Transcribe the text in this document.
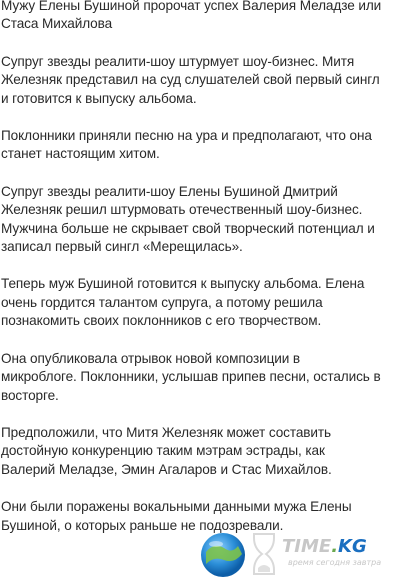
Мужу Елены Бушиной пророчат успех Валерия Меладзе или
Стаса Михайлова

Супруг звезды реалити-шоу штурмует шоу-бизнес. Митя
Железняк представил на суд слушателей свой первый сингл
и готовится к выпуску альбома.

Поклонники приняли песню на ура и предполагают, что она
станет настоящим хитом.

Супруг звезды реалити-шоу Елены Бушиной Дмитрий
Железняк решил штурмовать отечественный шоу-бизнес.
Мужчина больше не скрывает свой творческий потенциал и
записал первый сингл «Мерещилась».

Теперь муж Бушиной готовится к выпуску альбома. Елена
очень гордится талантом супруга, а потому решила
познакомить своих поклонников с его творчеством.

Она опубликовала отрывок новой композиции в
микроблоге. Поклонники, услышав припев песни, остались в
восторге.

Предположили, что Митя Железняк может составить
достойную конкуренцию таким мэтрам эстрады, как
Валерий Меладзе, Эмин Агаларов и Стас Михайлов.

Они были поражены вокальными данными мужа Елены
Бушиной, о которых раньше не подозревали.

TIME.KG
время сегодня завтра
